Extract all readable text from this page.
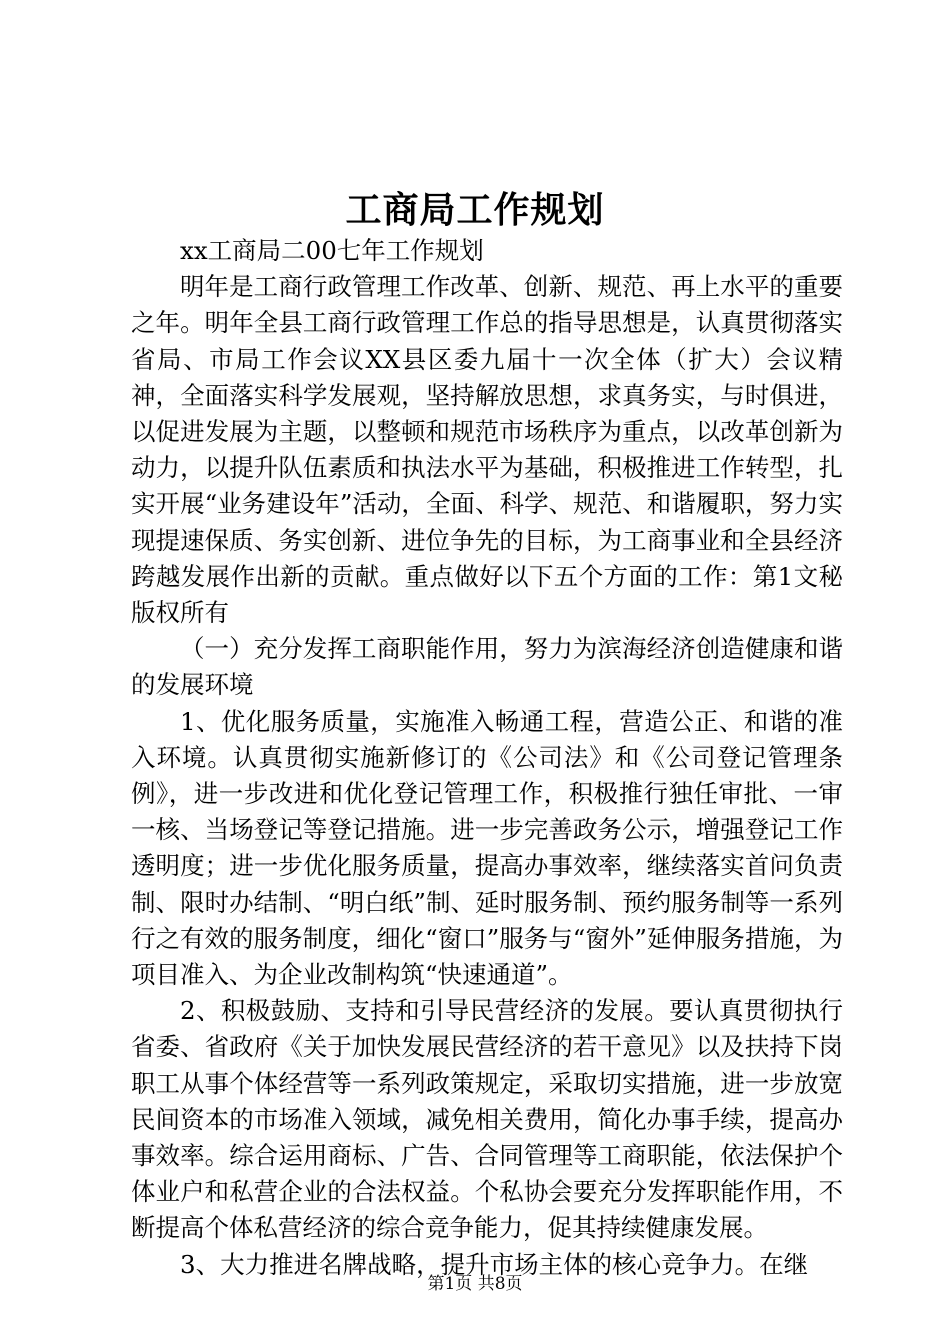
工商局工作规划

xx工商局二00七年工作规划

明年是工商行政管理工作改革、创新、规范、再上水平的重要之年。明年全县工商行政管理工作总的指导思想是，认真贯彻落实省局、市局工作会议XX县区委九届十一次全体（扩大）会议精神，全面落实科学发展观，坚持解放思想，求真务实，与时俱进，以促进发展为主题，以整顿和规范市场秩序为重点，以改革创新为动力，以提升队伍素质和执法水平为基础，积极推进工作转型，扎实开展“业务建设年”活动，全面、科学、规范、和谐履职，努力实现提速保质、务实创新、进位争先的目标，为工商事业和全县经济跨越发展作出新的贡献。重点做好以下五个方面的工作：第1文秘版权所有

（一）充分发挥工商职能作用，努力为滨海经济创造健康和谐的发展环境

1、优化服务质量，实施准入畅通工程，营造公正、和谐的准入环境。认真贯彻实施新修订的《公司法》和《公司登记管理条例》，进一步改进和优化登记管理工作，积极推行独任审批、一审一核、当场登记等登记措施。进一步完善政务公示，增强登记工作透明度；进一步优化服务质量，提高办事效率，继续落实首问负责制、限时办结制、“明白纸”制、延时服务制、预约服务制等一系列行之有效的服务制度，细化“窗口”服务与“窗外”延伸服务措施，为项目准入、为企业改制构筑“快速通道”。

2、积极鼓励、支持和引导民营经济的发展。要认真贯彻执行省委、省政府《关于加快发展民营经济的若干意见》以及扶持下岗职工从事个体经营等一系列政策规定，采取切实措施，进一步放宽民间资本的市场准入领域，减免相关费用，简化办事手续，提高办事效率。综合运用商标、广告、合同管理等工商职能，依法保护个体业户和私营企业的合法权益。个私协会要充分发挥职能作用，不断提高个体私营经济的综合竞争能力，促其持续健康发展。

3、大力推进名牌战略，提升市场主体的核心竞争力。在继

第1页 共8页
